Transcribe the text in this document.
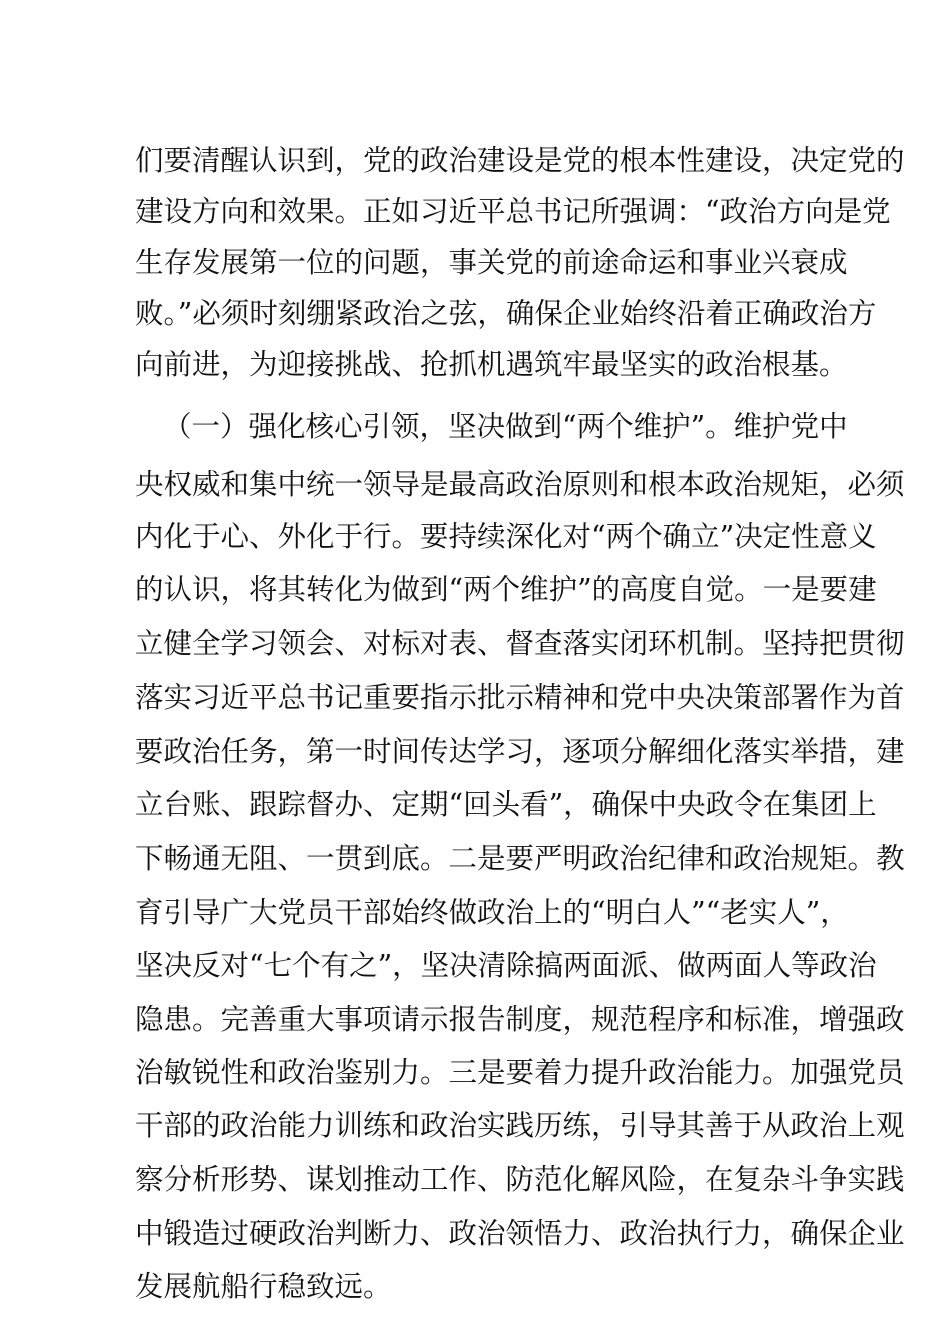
们要清醒认识到，党的政治建设是党的根本性建设，决定党的
建设方向和效果。正如习近平总书记所强调：“政治方向是党
生存发展第一位的问题，事关党的前途命运和事业兴衰成
败。”必须时刻绷紧政治之弦，确保企业始终沿着正确政治方
向前进，为迎接挑战、抢抓机遇筑牢最坚实的政治根基。
（一）强化核心引领，坚决做到“两个维护”。维护党中
央权威和集中统一领导是最高政治原则和根本政治规矩，必须
内化于心、外化于行。要持续深化对“两个确立”决定性意义
的认识，将其转化为做到“两个维护”的高度自觉。一是要建
立健全学习领会、对标对表、督查落实闭环机制。坚持把贯彻
落实习近平总书记重要指示批示精神和党中央决策部署作为首
要政治任务，第一时间传达学习，逐项分解细化落实举措，建
立台账、跟踪督办、定期“回头看”，确保中央政令在集团上
下畅通无阻、一贯到底。二是要严明政治纪律和政治规矩。教
育引导广大党员干部始终做政治上的“明白人”“老实人”，
坚决反对“七个有之”，坚决清除搞两面派、做两面人等政治
隐患。完善重大事项请示报告制度，规范程序和标准，增强政
治敏锐性和政治鉴别力。三是要着力提升政治能力。加强党员
干部的政治能力训练和政治实践历练，引导其善于从政治上观
察分析形势、谋划推动工作、防范化解风险，在复杂斗争实践
中锻造过硬政治判断力、政治领悟力、政治执行力，确保企业
发展航船行稳致远。
